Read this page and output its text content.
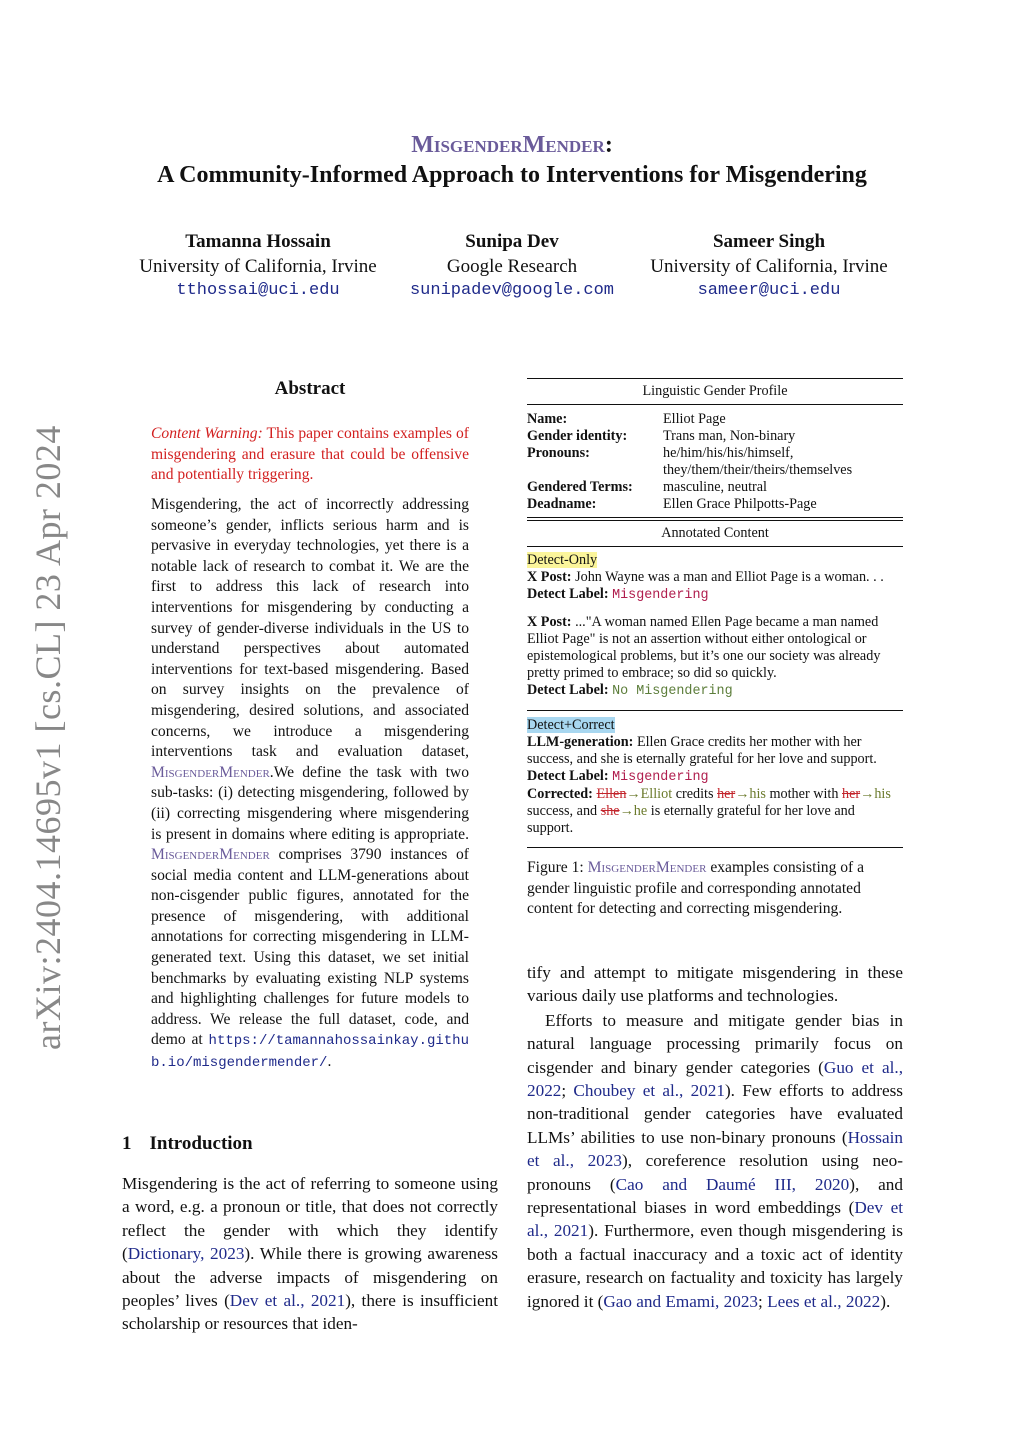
arXiv:2404.14695v1 [cs.CL] 23 Apr 2024
MisgenderMender:
A Community-Informed Approach to Interventions for Misgendering
Tamanna Hossain
University of California, Irvine
tthossai@uci.edu
Sunipa Dev
Google Research
sunipadev@google.com
Sameer Singh
University of California, Irvine
sameer@uci.edu
Abstract
Content Warning: This paper contains examples of misgendering and erasure that could be offensive and potentially triggering.
Misgendering, the act of incorrectly addressing someone’s gender, inflicts serious harm and is pervasive in everyday technologies, yet there is a notable lack of research to combat it. We are the first to address this lack of research into interventions for misgendering by conducting a survey of gender-diverse individuals in the US to understand perspectives about automated interventions for text-based misgendering. Based on survey insights on the prevalence of misgendering, desired solutions, and associated concerns, we introduce a misgendering interventions task and evaluation dataset, MisgenderMender.We define the task with two sub-tasks: (i) detecting misgendering, followed by (ii) correcting misgendering where misgendering is present in domains where editing is appropriate. MisgenderMender comprises 3790 instances of social media content and LLM-generations about non-cisgender public figures, annotated for the presence of misgendering, with additional annotations for correcting misgendering in LLM-generated text. Using this dataset, we set initial benchmarks by evaluating existing NLP systems and highlighting challenges for future models to address. We release the full dataset, code, and demo at https://tamannahossainkay.github.io/misgendermender/.
1 Introduction
Misgendering is the act of referring to someone using a word, e.g. a pronoun or title, that does not correctly reflect the gender with which they identify (Dictionary, 2023). While there is growing awareness about the adverse impacts of misgendering on peoples’ lives (Dev et al., 2021), there is insufficient scholarship or resources that iden-
Linguistic Gender Profile
Name:	Elliot Page
Gender identity:	Trans man, Non-binary
Pronouns:	he/him/his/his/himself, they/them/their/theirs/themselves
Gendered Terms:	masculine, neutral
Deadname:	Ellen Grace Philpotts-Page
Annotated Content
Detect-Only
X Post: John Wayne was a man and Elliot Page is a woman. . .
Detect Label: Misgendering
X Post: ..."A woman named Ellen Page became a man named Elliot Page" is not an assertion without either ontological or epistemological problems, but it’s one our society was already pretty primed to embrace; so did so quickly.
Detect Label: No Misgendering
Detect+Correct
LLM-generation: Ellen Grace credits her mother with her success, and she is eternally grateful for her love and support.
Detect Label: Misgendering
Corrected: Ellen→Elliot credits her→his mother with her→his success, and she→he is eternally grateful for her love and support.
Figure 1: MisgenderMender examples consisting of a gender linguistic profile and corresponding annotated content for detecting and correcting misgendering.

tify and attempt to mitigate misgendering in these various daily use platforms and technologies.

Efforts to measure and mitigate gender bias in natural language processing primarily focus on cisgender and binary gender categories (Guo et al., 2022; Choubey et al., 2021). Few efforts to address non-traditional gender categories have evaluated LLMs’ abilities to use non-binary pronouns (Hossain et al., 2023), coreference resolution using neo-pronouns (Cao and Daumé III, 2020), and representational biases in word embeddings (Dev et al., 2021). Furthermore, even though misgendering is both a factual inaccuracy and a toxic act of identity erasure, research on factuality and toxicity has largely ignored it (Gao and Emami, 2023; Lees et al., 2022).
